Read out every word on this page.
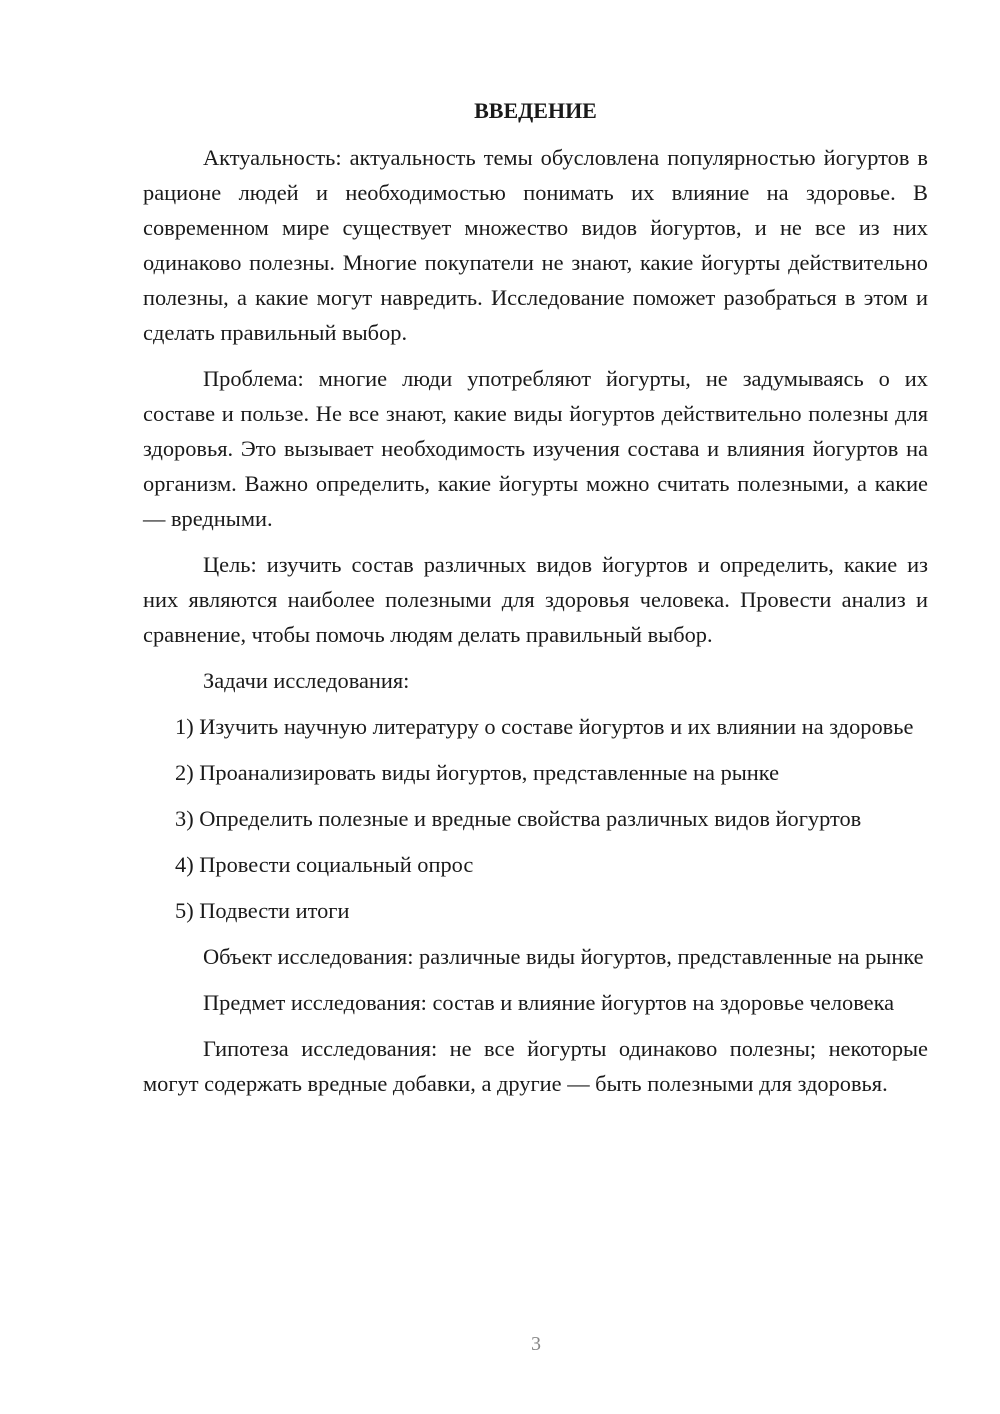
ВВЕДЕНИЕ

Актуальность: актуальность темы обусловлена популярностью йогуртов в рационе людей и необходимостью понимать их влияние на здоровье. В современном мире существует множество видов йогуртов, и не все из них одинаково полезны. Многие покупатели не знают, какие йогурты действительно полезны, а какие могут навредить. Исследование поможет разобраться в этом и сделать правильный выбор.

Проблема: многие люди употребляют йогурты, не задумываясь о их составе и пользе. Не все знают, какие виды йогуртов действительно полезны для здоровья. Это вызывает необходимость изучения состава и влияния йогуртов на организм. Важно определить, какие йогурты можно считать полезными, а какие — вредными.

Цель: изучить состав различных видов йогуртов и определить, какие из них являются наиболее полезными для здоровья человека. Провести анализ и сравнение, чтобы помочь людям делать правильный выбор.

Задачи исследования:

1) Изучить научную литературу о составе йогуртов и их влиянии на здоровье

2) Проанализировать виды йогуртов, представленные на рынке

3) Определить полезные и вредные свойства различных видов йогуртов

4) Провести социальный опрос

5) Подвести итоги

Объект исследования: различные виды йогуртов, представленные на рынке

Предмет исследования: состав и влияние йогуртов на здоровье человека

Гипотеза исследования: не все йогурты одинаково полезны; некоторые могут содержать вредные добавки, а другие — быть полезными для здоровья.

3
